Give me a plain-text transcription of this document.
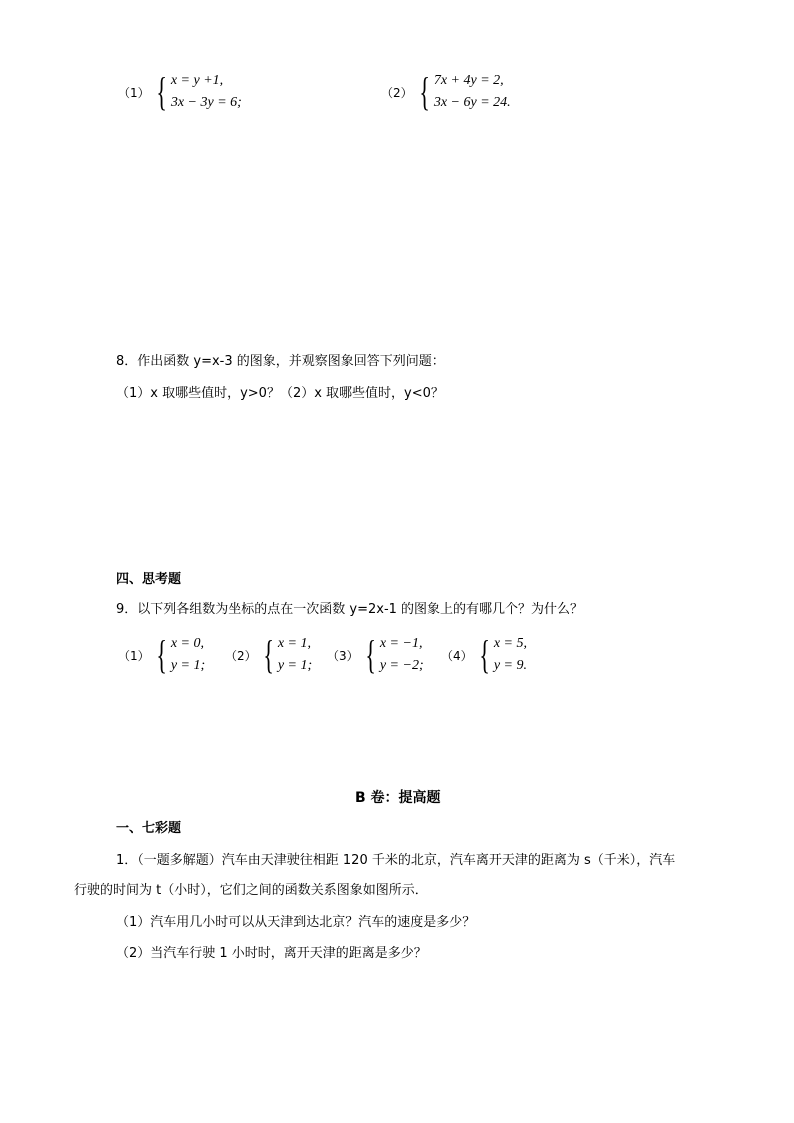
（1） { x = y +1,
3x − 3y = 6;
（2） { 7x + 4y = 2,
3x − 6y = 24.
8．作出函数 y=x-3 的图象，并观察图象回答下列问题：
（1）x 取哪些值时，y>0？（2）x 取哪些值时，y<0？
四、思考题
9．以下列各组数为坐标的点在一次函数 y=2x-1 的图象上的有哪几个？为什么？
（1） { x = 0,
y = 1;
（2） { x = 1,
y = 1;
（3） { x = −1,
y = −2;
（4） { x = 5,
y = 9.
B 卷：提高题
一、七彩题
1．（一题多解题）汽车由天津驶往相距 120 千米的北京，汽车离开天津的距离为 s（千米），汽车
行驶的时间为 t（小时），它们之间的函数关系图象如图所示．
（1）汽车用几小时可以从天津到达北京？汽车的速度是多少？
（2）当汽车行驶 1 小时时，离开天津的距离是多少？
